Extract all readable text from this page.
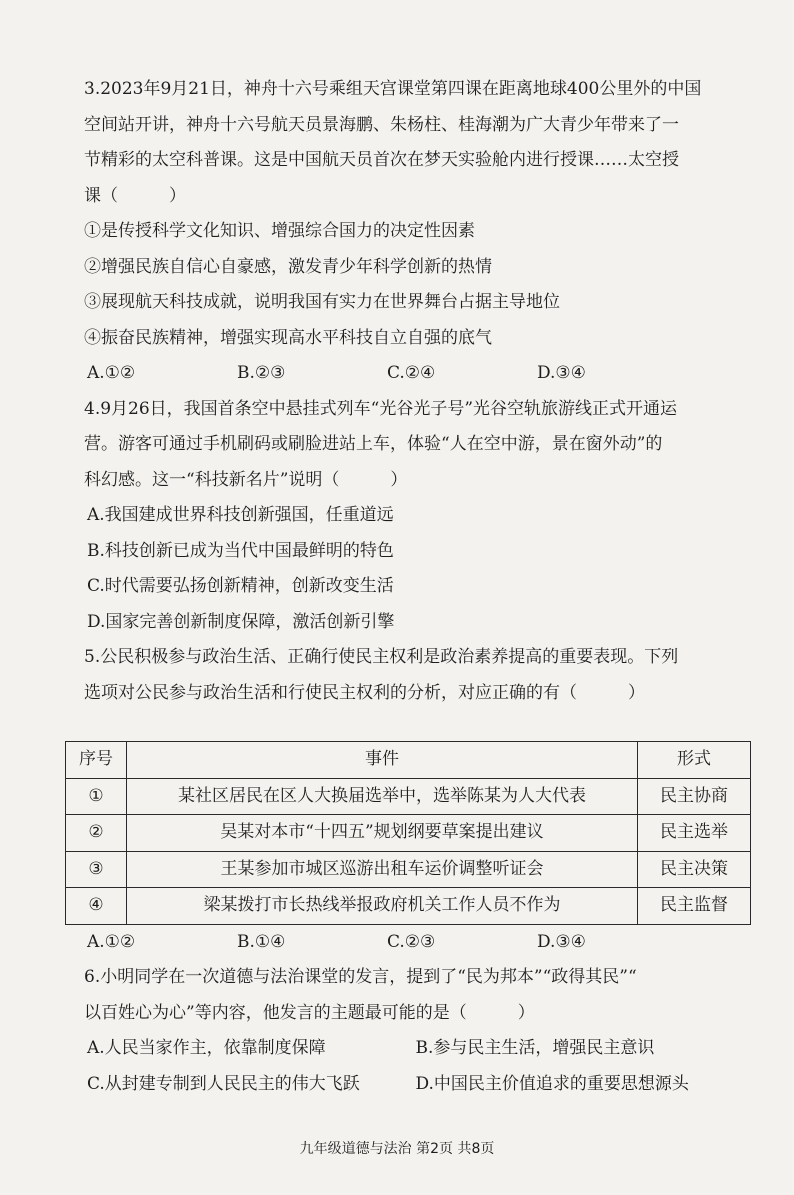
3.2023年9月21日，神舟十六号乘组天宫课堂第四课在距离地球400公里外的中国

空间站开讲，神舟十六号航天员景海鹏、朱杨柱、桂海潮为广大青少年带来了一

节精彩的太空科普课。这是中国航天员首次在梦天实验舱内进行授课……太空授

课（　　　）

①是传授科学文化知识、增强综合国力的决定性因素

②增强民族自信心自豪感，激发青少年科学创新的热情

③展现航天科技成就，说明我国有实力在世界舞台占据主导地位

④振奋民族精神，增强实现高水平科技自立自强的底气

A.①②	B.②③	C.②④	D.③④

4.9月26日，我国首条空中悬挂式列车“光谷光子号”光谷空轨旅游线正式开通运

营。游客可通过手机刷码或刷脸进站上车，体验“人在空中游，景在窗外动”的

科幻感。这一“科技新名片”说明（　　　）

A.我国建成世界科技创新强国，任重道远

B.科技创新已成为当代中国最鲜明的特色

C.时代需要弘扬创新精神，创新改变生活

D.国家完善创新制度保障，激活创新引擎

5.公民积极参与政治生活、正确行使民主权利是政治素养提高的重要表现。下列

选项对公民参与政治生活和行使民主权利的分析，对应正确的有（　　　）

序号	事件	形式
①	某社区居民在区人大换届选举中，选举陈某为人大代表	民主协商
②	吴某对本市“十四五”规划纲要草案提出建议	民主选举
③	王某参加市城区巡游出租车运价调整听证会	民主决策
④	梁某拨打市长热线举报政府机关工作人员不作为	民主监督
A.①②	B.①④	C.②③	D.③④

6.小明同学在一次道德与法治课堂的发言，提到了“民为邦本”“政得其民”“

以百姓心为心”等内容，他发言的主题最可能的是（　　　）

A.人民当家作主，依靠制度保障	B.参与民主生活，增强民主意识
C.从封建专制到人民民主的伟大飞跃	D.中国民主价值追求的重要思想源头
九年级道德与法治 第2页 共8页
